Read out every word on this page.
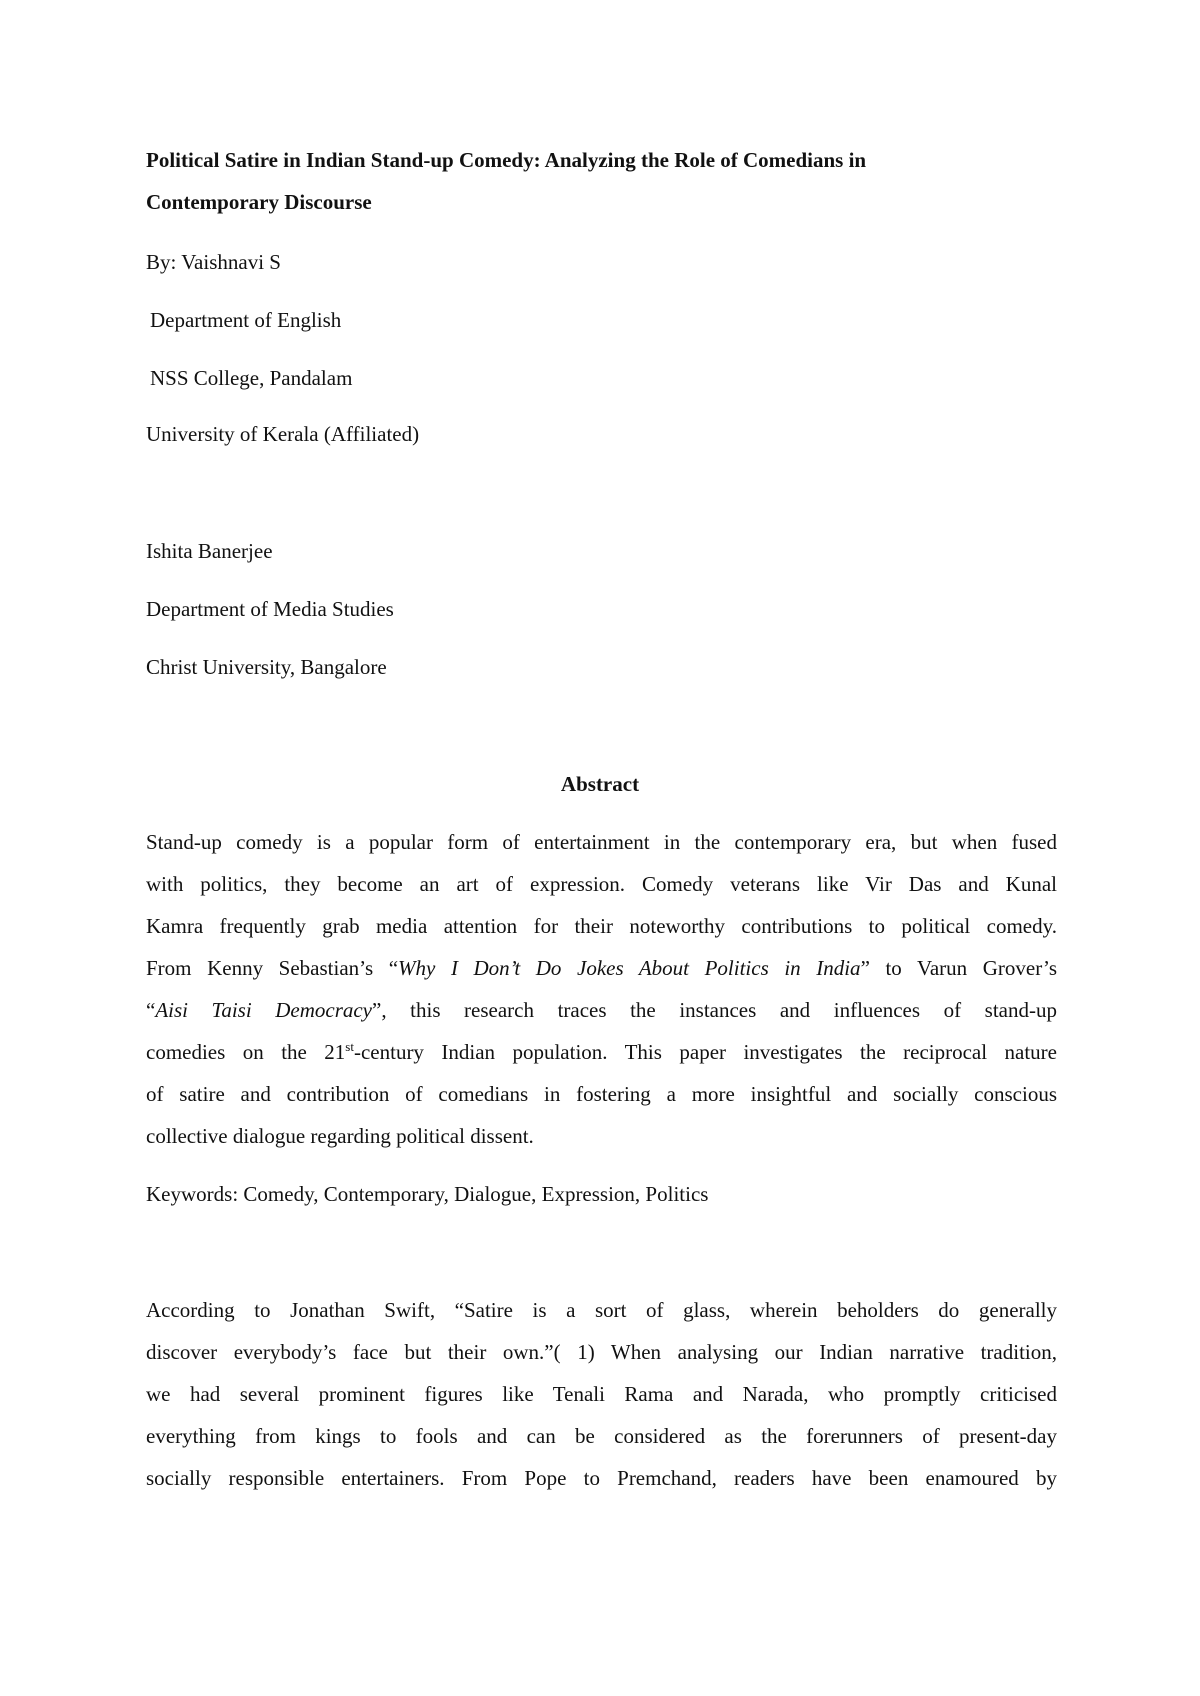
Political Satire in Indian Stand-up Comedy: Analyzing the Role of Comedians in
Contemporary Discourse
By: Vaishnavi S
Department of English
NSS College, Pandalam
University of Kerala (Affiliated)
Ishita Banerjee
Department of Media Studies
Christ University, Bangalore
Abstract
Stand-up comedy is a popular form of entertainment in the contemporary era, but when fused
with politics, they become an art of expression. Comedy veterans like Vir Das and Kunal
Kamra frequently grab media attention for their noteworthy contributions to political comedy.
From Kenny Sebastian’s “Why I Don’t Do Jokes About Politics in India” to Varun Grover’s
“Aisi Taisi Democracy”, this research traces the instances and influences of stand-up
comedies on the 21st-century Indian population. This paper investigates the reciprocal nature
of satire and contribution of comedians in fostering a more insightful and socially conscious
collective dialogue regarding political dissent.
Keywords: Comedy, Contemporary, Dialogue, Expression, Politics
According to Jonathan Swift, “Satire is a sort of glass, wherein beholders do generally
discover everybody’s face but their own.”( 1) When analysing our Indian narrative tradition,
we had several prominent figures like Tenali Rama and Narada, who promptly criticised
everything from kings to fools and can be considered as the forerunners of present-day
socially responsible entertainers. From Pope to Premchand, readers have been enamoured by
